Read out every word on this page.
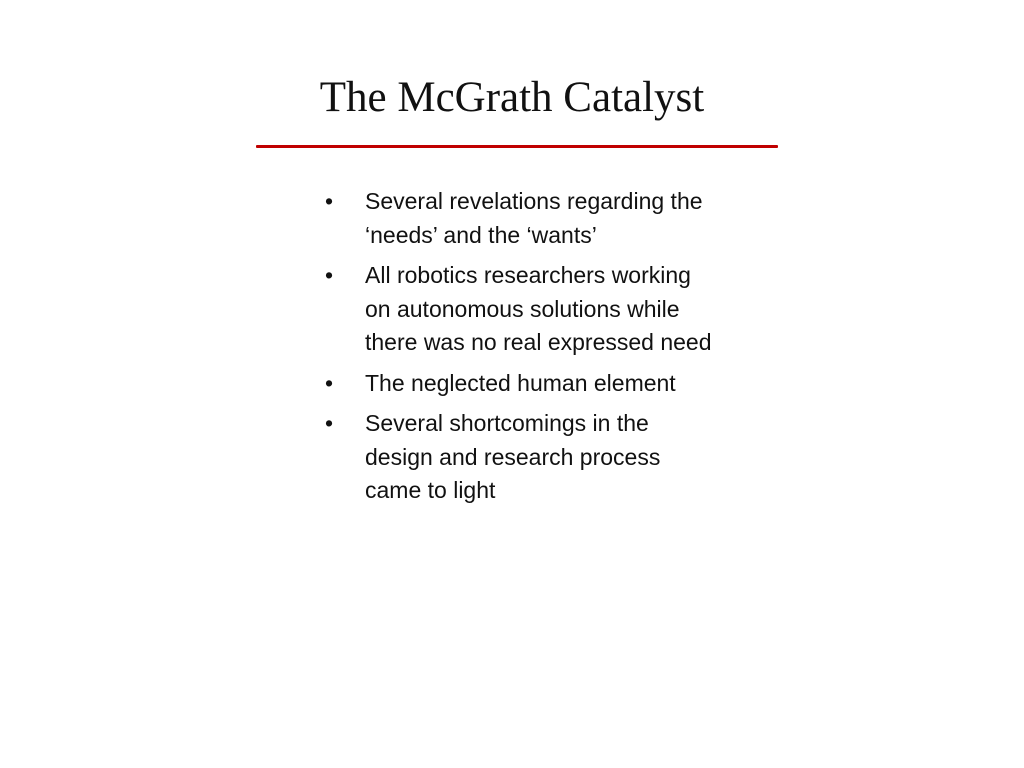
The McGrath Catalyst
• Several revelations regarding the ‘needs’ and the ‘wants’
• All robotics researchers working on autonomous solutions while there was no real expressed need
• The neglected human element
• Several shortcomings in the design and research process came to light
